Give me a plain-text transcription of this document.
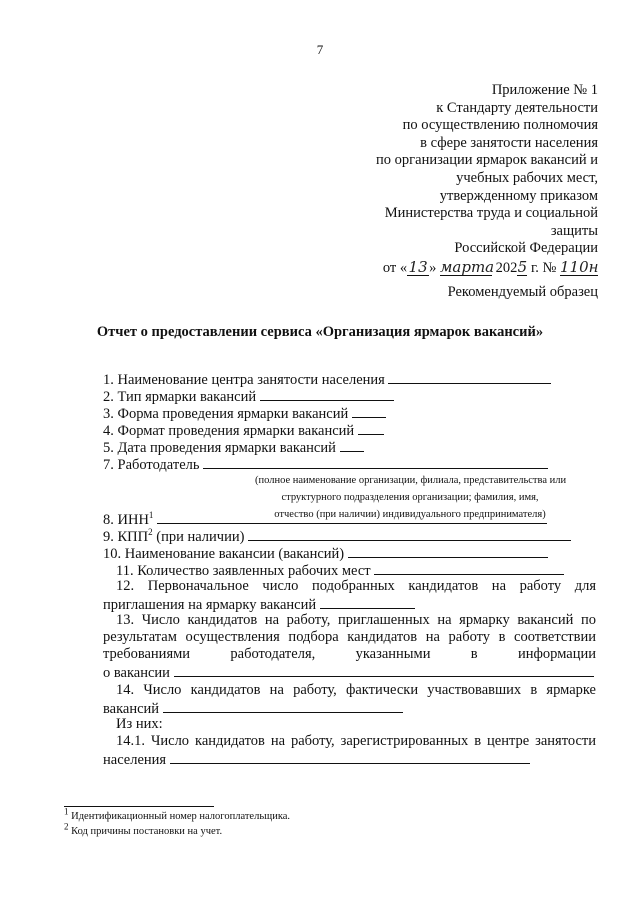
7
Приложение № 1
к Стандарту деятельности
по осуществлению полномочия
в сфере занятости населения
по организации ярмарок вакансий и
учебных рабочих мест,
утвержденному приказом
Министерства труда и социальной
защиты
Российской Федерации
от «13» марта 2025 г. № 110н
Рекомендуемый образец
Отчет о предоставлении сервиса «Организация ярмарок вакансий»
1. Наименование центра занятости населения
2. Тип ярмарки вакансий
3. Форма проведения ярмарки вакансий
4. Формат проведения ярмарки вакансий
5. Дата проведения ярмарки вакансий
7. Работодатель
(полное наименование организации, филиала, представительства или
структурного подразделения организации; фамилия, имя,
отчество (при наличии) индивидуального предпринимателя)
8. ИНН$^1$
9. КПП$^2$ (при наличии)
10. Наименование вакансии (вакансий)
11. Количество заявленных рабочих мест
12. Первоначальное число подобранных кандидатов на работу для
приглашения на ярмарку вакансий
13. Число кандидатов на работу, приглашенных на ярмарку вакансий по
результатам осуществления подбора кандидатов на работу в соответствии
требованиями работодателя, указанными в информации
о вакансии
14. Число кандидатов на работу, фактически участвовавших в ярмарке
вакансий
Из них:
14.1. Число кандидатов на работу, зарегистрированных в центре занятости
населения
$^1$ Идентификационный номер налогоплательщика.
$^2$ Код причины постановки на учет.
